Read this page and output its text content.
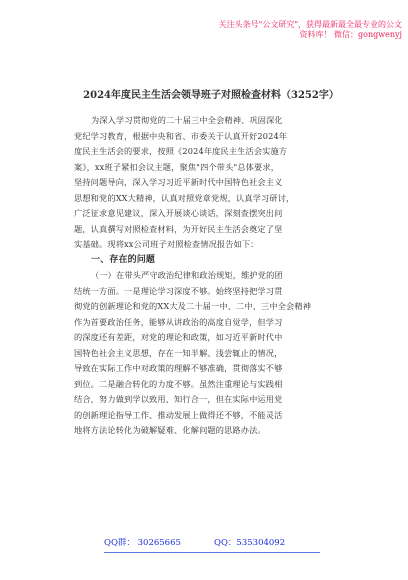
关注头条号"公文研究"，获得最新最全最专业的公文资料库！ 微信：gongwenyj

2024年度民主生活会领导班子对照检查材料（3252字）
为深入学习贯彻党的二十届三中全会精神、巩固深化
党纪学习教育，根据中央和省、市委关于认真开好2024年
度民主生活会的要求，按照《2024年度民主生活会实施方
案》，xx班子紧扣会议主题，聚焦"四个带头"总体要求，
坚持问题导向，深入学习习近平新时代中国特色社会主义
思想和党的XX大精神，认真对照党章党规，认真学习研讨，
广泛征求意见建议，深入开展谈心谈话，深刻查摆突出问
题，认真撰写对照检查材料，为开好民主生活会奠定了坚
实基础。现将xx公司班子对照检查情况报告如下：
一、存在的问题
（一）在带头严守政治纪律和政治规矩，维护党的团
结统一方面。一是理论学习深度不够。始终坚持把学习贯
彻党的创新理论和党的XX大及二十届一中、二中、三中全会精神
作为首要政治任务，能够从讲政治的高度自觉学，但学习
的深度还有差距，对党的理论和政策，如习近平新时代中
国特色社会主义思想，存在一知半解、浅尝辄止的情况，
导致在实际工作中对政策的理解不够准确，贯彻落实不够
到位。二是融合转化的力度不够。虽然注重理论与实践相
结合，努力做到学以致用、知行合一，但在实际中运用党
的创新理论指导工作、推动发展上做得还不够，不能灵活
地将方法论转化为破解疑难、化解问题的思路办法。
QQ群： 30265665	QQ：535304092
